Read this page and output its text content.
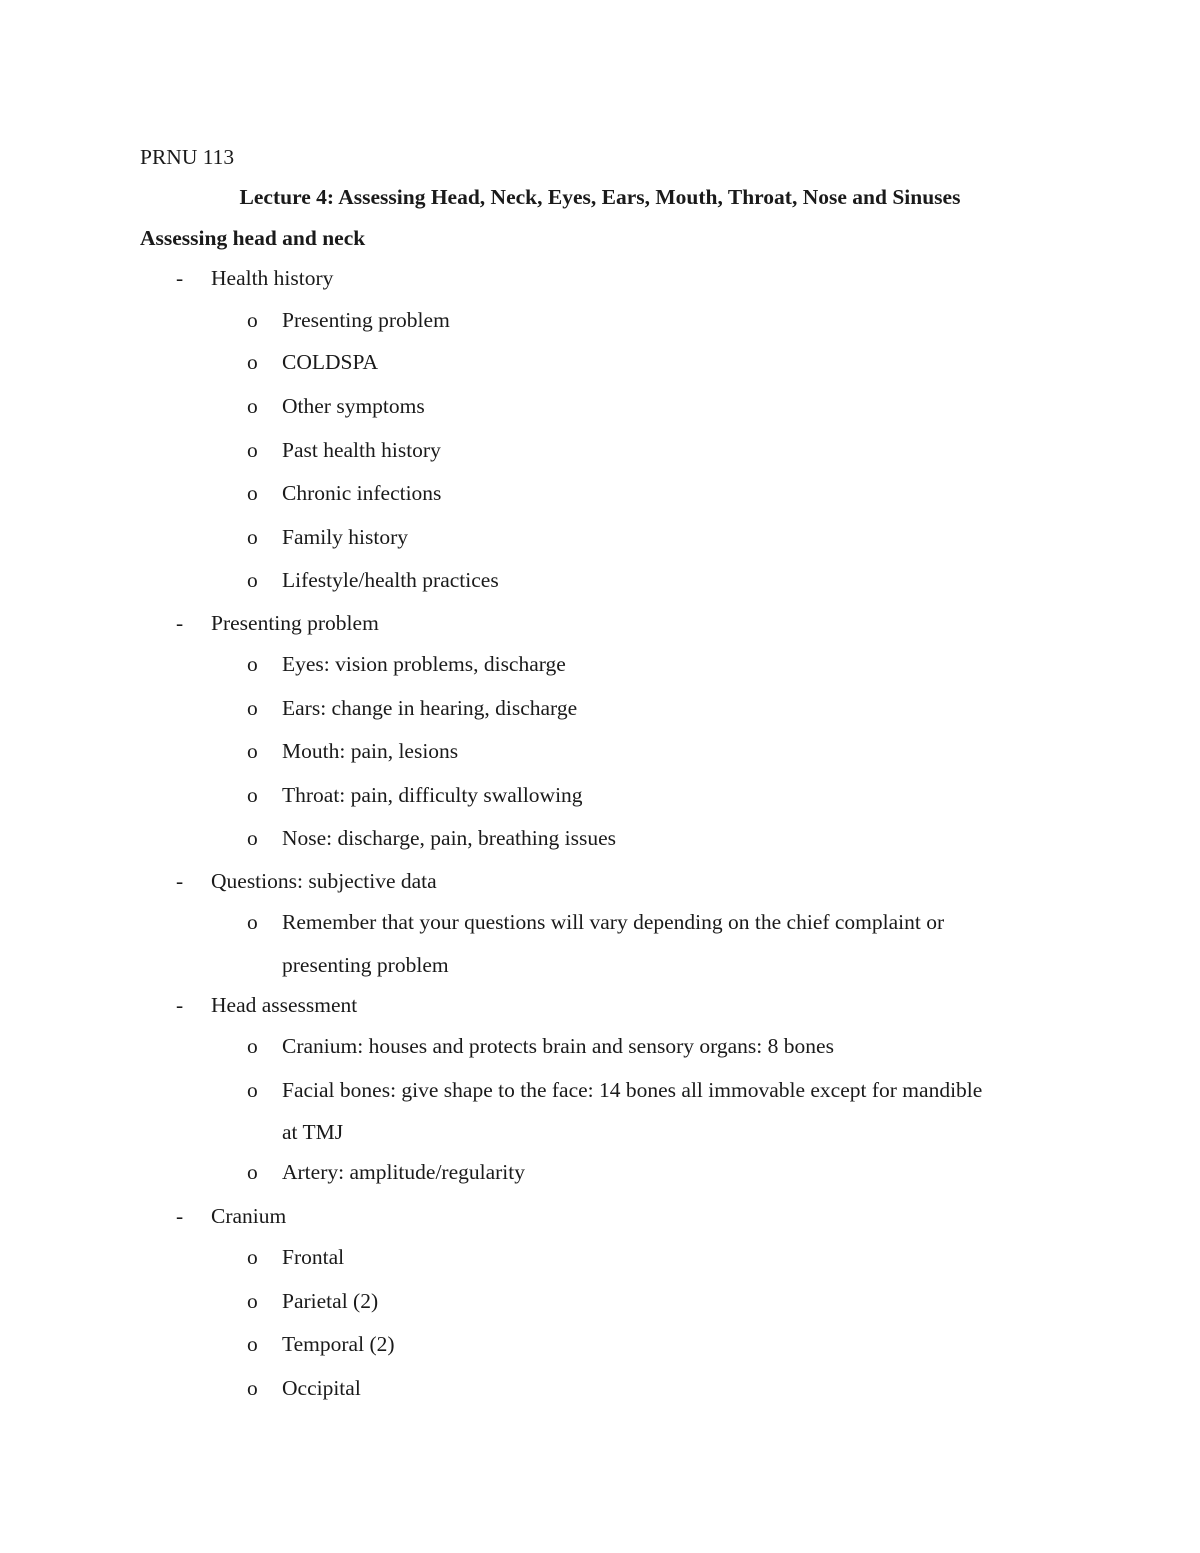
PRNU 113
Lecture 4: Assessing Head, Neck, Eyes, Ears, Mouth, Throat, Nose and Sinuses
Assessing head and neck
- Health history
o Presenting problem
o COLDSPA
o Other symptoms
o Past health history
o Chronic infections
o Family history
o Lifestyle/health practices
- Presenting problem
o Eyes: vision problems, discharge
o Ears: change in hearing, discharge
o Mouth: pain, lesions
o Throat: pain, difficulty swallowing
o Nose: discharge, pain, breathing issues
- Questions: subjective data
o Remember that your questions will vary depending on the chief complaint or
presenting problem
- Head assessment
o Cranium: houses and protects brain and sensory organs: 8 bones
o Facial bones: give shape to the face: 14 bones all immovable except for mandible
at TMJ
o Artery: amplitude/regularity
- Cranium
o Frontal
o Parietal (2)
o Temporal (2)
o Occipital
